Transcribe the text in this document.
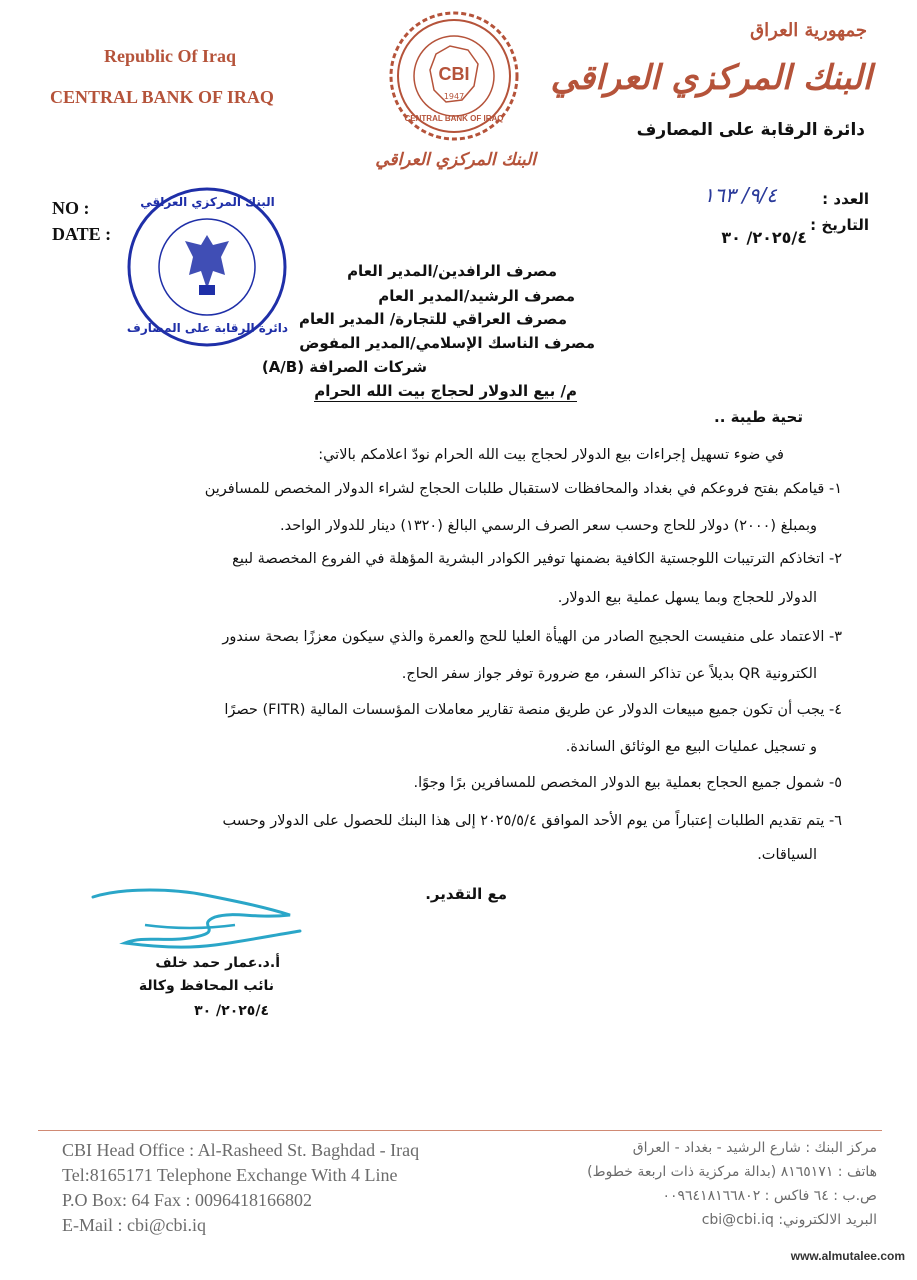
Republic Of Iraq
CENTRAL BANK OF IRAQ
جمهورية العراق
البنك المركزي العراقي
دائرة الرقابة على المصارف
CBI
1947
CENTRAL BANK OF IRAQ
البنك المركزي العراقي
NO :
DATE :
العدد :
٩/٤/ ١٦٣
التاريخ :
٢٠٢٥/٤/ ٣٠
البنك المركزي العراقي
دائرة الرقابة على المصارف
مصرف الرافدين/المدير العام
مصرف الرشيد/المدير العام
مصرف العراقي للتجارة/ المدير العام
مصرف الناسك الإسلامي/المدير المفوض
شركات الصرافة (A/B)
م/ بيع الدولار لحجاج بيت الله الحرام
تحية طيبة ..
في ضوء تسهيل إجراءات بيع الدولار لحجاج بيت الله الحرام نودّ اعلامكم بالاتي:
١- قيامكم بفتح فروعكم في بغداد والمحافظات لاستقبال طلبات الحجاج لشراء الدولار المخصص للمسافرين
وبمبلغ (٢٠٠٠) دولار للحاج وحسب سعر الصرف الرسمي البالغ (١٣٢٠) دينار للدولار الواحد.
٢- اتخاذكم الترتيبات اللوجستية الكافية بضمنها توفير الكوادر البشرية المؤهلة في الفروع المخصصة لبيع
الدولار للحجاج وبما يسهل عملية بيع الدولار.
٣- الاعتماد على منفيست الحجيج الصادر من الهيأة العليا للحج والعمرة والذي سيكون معززًا بصحة سندور
الكترونية QR بديلاً عن تذاكر السفر، مع ضرورة توفر جواز سفر الحاج.
٤- يجب أن تكون جميع مبيعات الدولار عن طريق منصة تقارير معاملات المؤسسات المالية (FITR) حصرًا
و تسجيل عمليات البيع مع الوثائق الساندة.
٥- شمول جميع الحجاج بعملية بيع الدولار المخصص للمسافرين برًا وجوًا.
٦- يتم تقديم الطلبات إعتباراً من يوم الأحد الموافق ٢٠٢٥/٥/٤ إلى هذا البنك للحصول على الدولار وحسب
السياقات.
مع التقدير.
أ.د.عمار حمد خلف
نائب المحافظ وكالة
٢٠٢٥/٤/ ٣٠
CBI Head Office : Al-Rasheed St. Baghdad - Iraq
Tel:8165171 Telephone Exchange With 4 Line
P.O Box: 64 Fax : 0096418166802
E-Mail : cbi@cbi.iq
مركز البنك : شارع الرشيد - بغداد - العراق
هاتف : ٨١٦٥١٧١ (بدالة مركزية ذات اربعة خطوط)
ص.ب : ٦٤ فاكس : ٠٠٩٦٤١٨١٦٦٨٠٢
البريد الالكتروني: cbi@cbi.iq
www.almutalee.com
